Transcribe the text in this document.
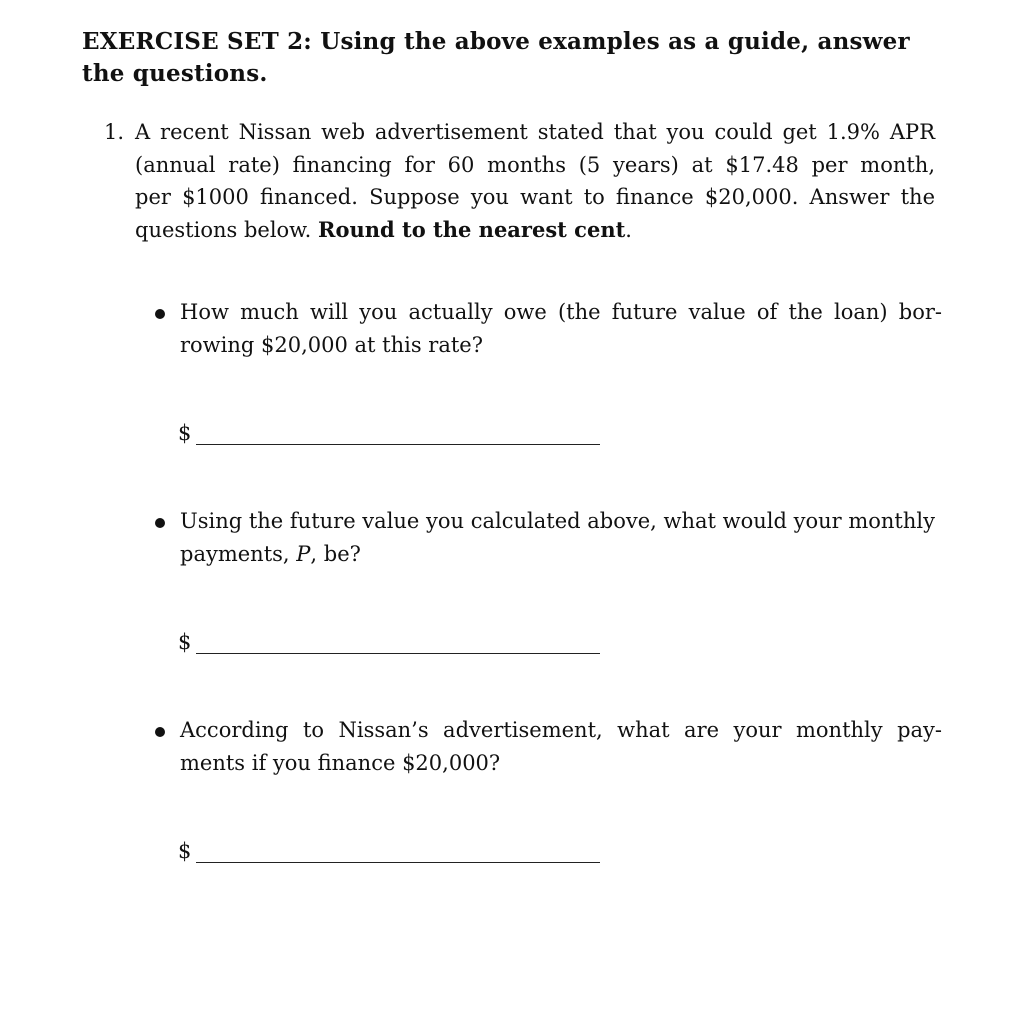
EXERCISE SET 2: Using the above examples as a guide, answer
the questions.
1. A recent Nissan web advertisement stated that you could get 1.9% APR
(annual rate) financing for 60 months (5 years) at $17.48 per month,
per $1000 financed. Suppose you want to finance $20,000. Answer the
questions below. Round to the nearest cent.
How much will you actually owe (the future value of the loan) bor-
rowing $20,000 at this rate?
$
Using the future value you calculated above, what would your monthly
payments, P, be?
$
According to Nissan’s advertisement, what are your monthly pay-
ments if you finance $20,000?
$
